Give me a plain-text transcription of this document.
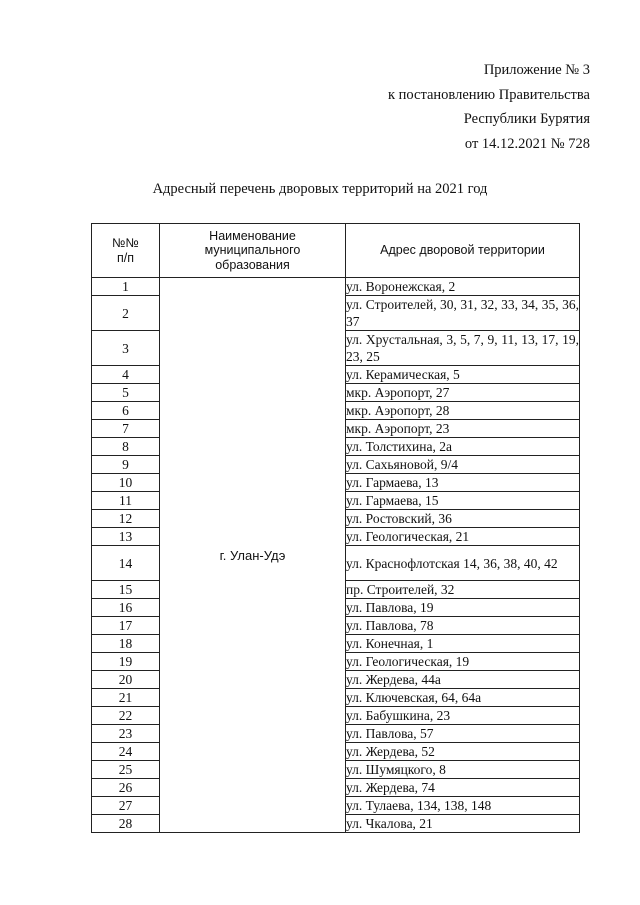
Приложение № 3
к постановлению Правительства
Республики Бурятия
от 14.12.2021 № 728
Адресный перечень дворовых территорий на 2021 год
№№
п/п	Наименование
муниципального
образования	Адрес дворовой территории
1	г. Улан-Удэ	ул. Воронежская, 2
2		ул. Строителей, 30, 31, 32, 33, 34, 35, 36, 37
3		ул. Хрустальная, 3, 5, 7, 9, 11, 13, 17, 19, 23, 25
4		ул. Керамическая, 5
5		мкр. Аэропорт, 27
6		мкр. Аэропорт, 28
7		мкр. Аэропорт, 23
8		ул. Толстихина, 2а
9		ул. Сахьяновой, 9/4
10		ул. Гармаева, 13
11		ул. Гармаева, 15
12		ул. Ростовский, 36
13		ул. Геологическая, 21
14		ул. Краснофлотская 14, 36, 38, 40, 42
15		пр. Строителей, 32
16		ул. Павлова, 19
17		ул. Павлова, 78
18		ул. Конечная, 1
19		ул. Геологическая, 19
20		ул. Жердева, 44а
21		ул. Ключевская, 64, 64а
22		ул. Бабушкина, 23
23		ул. Павлова, 57
24		ул. Жердева, 52
25		ул. Шумяцкого, 8
26		ул. Жердева, 74
27		ул. Тулаева, 134, 138, 148
28		ул. Чкалова, 21
